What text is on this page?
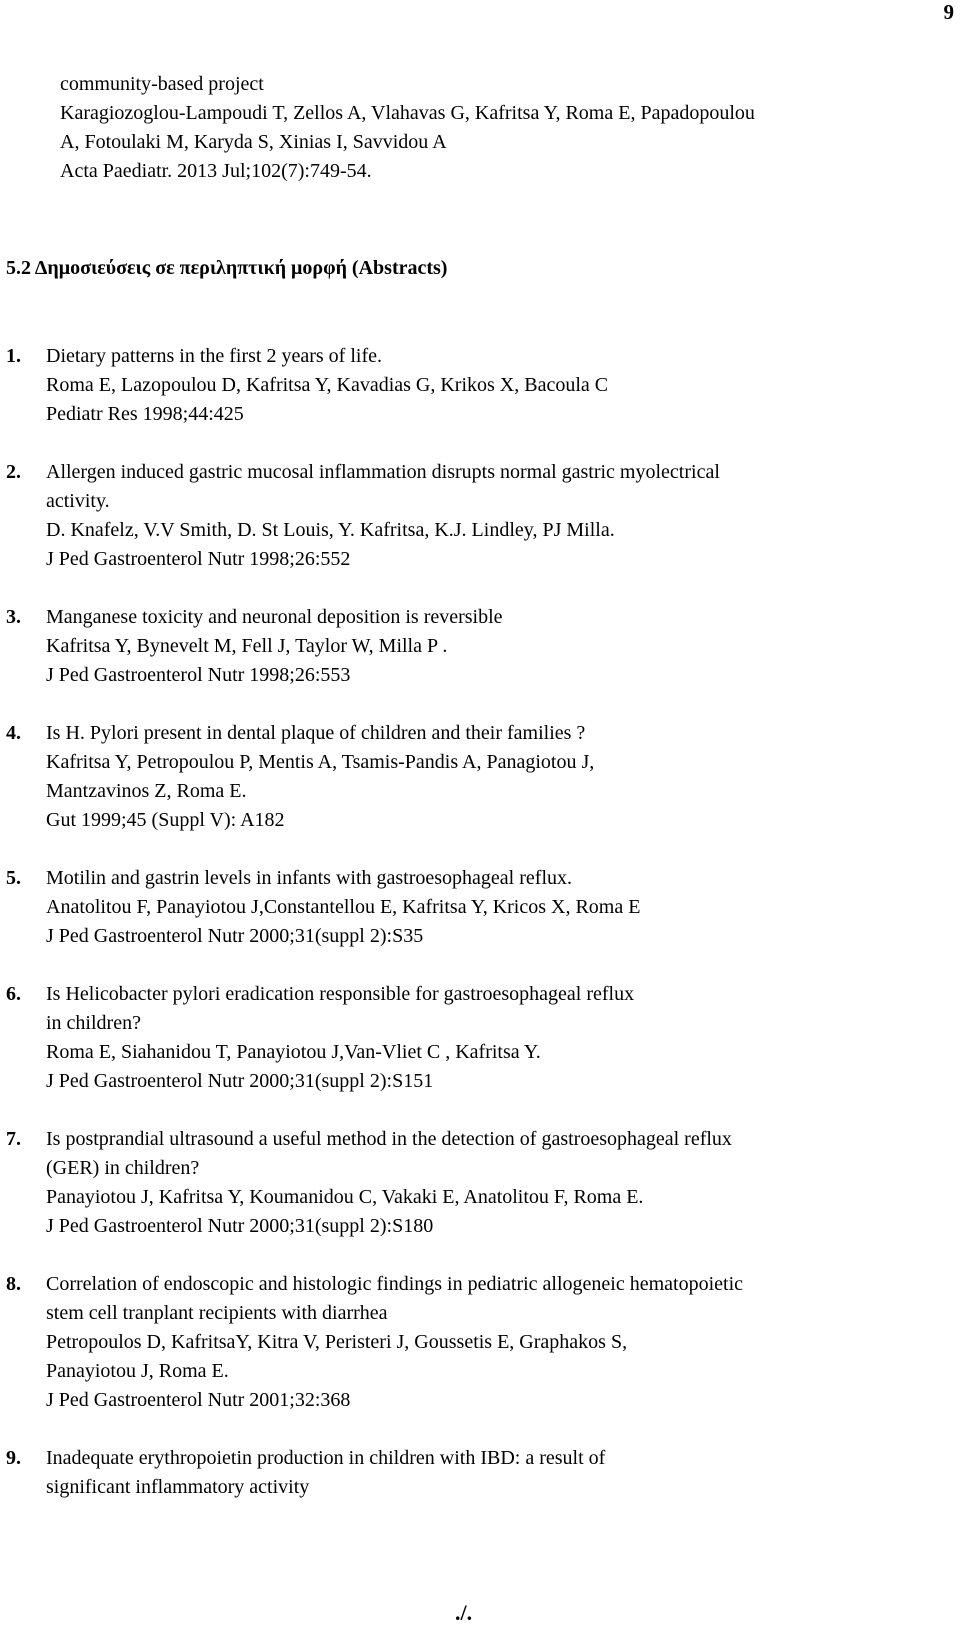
9
community-based project
Karagiozoglou-Lampoudi T, Zellos A, Vlahavas G, Kafritsa Y, Roma E, Papadopoulou
A, Fotoulaki M, Karyda S, Xinias I, Savvidou A
Acta Paediatr. 2013 Jul;102(7):749-54.
5.2 Δημοσιεύσεις σε περιληπτική μορφή (Abstracts)
1.	Dietary patterns in the first 2 years of life.
Roma E, Lazopoulou D, Kafritsa Y, Kavadias G, Krikos X, Bacoula C
Pediatr Res 1998;44:425
2.	Allergen induced gastric mucosal inflammation disrupts normal gastric myolectrical
activity.
D. Knafelz, V.V Smith, D. St Louis, Y. Kafritsa, K.J. Lindley, PJ Milla.
J Ped Gastroenterol Nutr 1998;26:552
3.	Manganese toxicity and neuronal deposition is reversible
Kafritsa Y, Bynevelt M, Fell J, Taylor W, Milla P .
J Ped Gastroenterol Nutr 1998;26:553
4.	Is H. Pylori present in dental plaque of children and their families ?
Kafritsa Y, Petropoulou P, Mentis A, Tsamis-Pandis A, Panagiotou J,
Mantzavinos Z, Roma E.
Gut 1999;45 (Suppl V): A182
5.	Motilin and gastrin levels in infants with gastroesophageal reflux.
Anatolitou F, Panayiotou J,Constantellou E, Kafritsa Y, Kricos X, Roma E
J Ped Gastroenterol Nutr 2000;31(suppl 2):S35
6.	Is Helicobacter pylori eradication responsible for gastroesophageal reflux
in children?
Roma E, Siahanidou T, Panayiotou J,Van-Vliet C , Kafritsa Y.
J Ped Gastroenterol Nutr 2000;31(suppl 2):S151
7.	Is postprandial ultrasound a useful method in the detection of gastroesophageal reflux
(GER) in children?
Panayiotou J, Kafritsa Y, Koumanidou C, Vakaki E, Anatolitou F, Roma E.
J Ped Gastroenterol Nutr 2000;31(suppl 2):S180
8.	Correlation of endoscopic and histologic findings in pediatric allogeneic hematopoietic
stem cell tranplant recipients with diarrhea
Petropoulos D, KafritsaY, Kitra V, Peristeri J, Goussetis E, Graphakos S,
Panayiotou J, Roma E.
J Ped Gastroenterol Nutr 2001;32:368
9.	Inadequate erythropoietin production in children with IBD: a result of
significant inflammatory activity
./.
